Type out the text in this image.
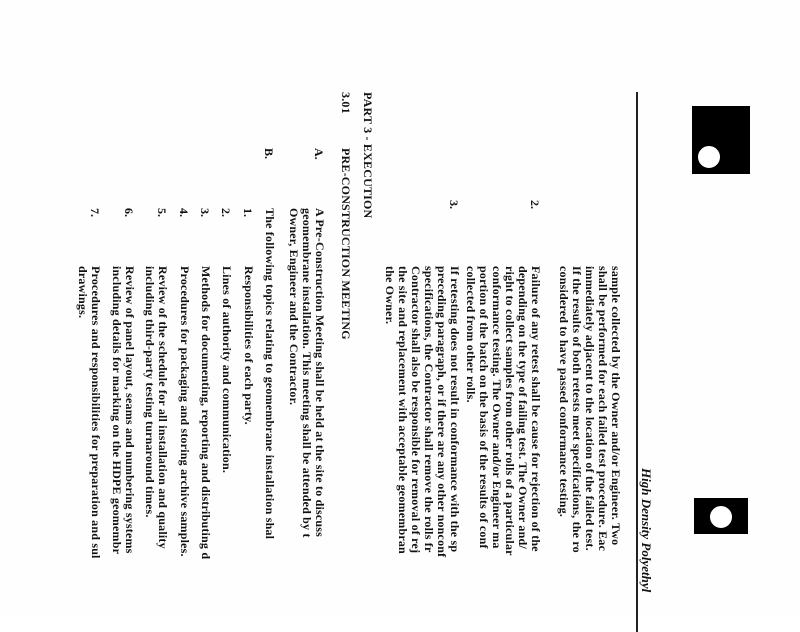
High Density Polyethyl
sample collected by the Owner and/or Engineer. Two
shall be performed for each failed test procedure. Eac
immediately adjacent to the location of the failed test.
If the results of both retests meet specifications, the ro
considered to have passed conformance testing.
2.
Failure of any retest shall be cause for rejection of the
depending on the type of failing test. The Owner and/
right to collect samples from other rolls of a particular
conformance testing. The Owner and/or Engineer ma
portion of the batch on the basis of the results of conf
collected from other rolls.
3.
If retesting does not result in conformance with the sp
preceding paragraph, or if there are any other nonconf
specifications, the Contractor shall remove the rolls fr
Contractor shall also be responsible for removal of rej
the site and replacement with acceptable geomembran
the Owner.
PART 3 - EXECUTION
3.01
PRE-CONSTRUCTION MEETING
A.
A Pre-Construction Meeting shall be held at the site to discuss
geomembrane installation. This meeting shall be attended by t
Owner, Engineer and the Contractor.
B.
The following topics relating to geomembrane installation shal
1.
Responsibilities of each party.
2.
Lines of authority and communication.
3.
Methods for documenting, reporting and distributing d
4.
Procedures for packaging and storing archive samples.
5.
Review of the schedule for all installation and quality
including third-party testing turnaround times.
6.
Review of panel layout, seams and numbering systems
including details for marking on the HDPE geomembr
7.
Procedures and responsibilities for preparation and sul
drawings.
